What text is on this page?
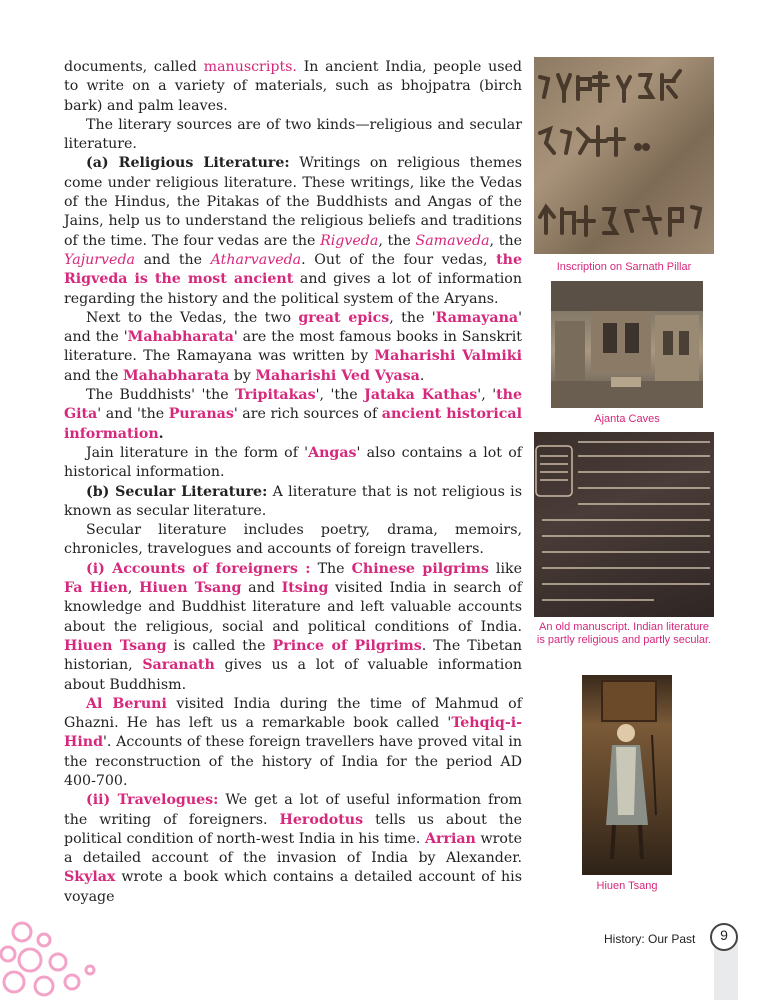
documents, called manuscripts. In ancient India, people used to write on a variety of materials, such as bhojpatra (birch bark) and palm leaves.

The literary sources are of two kinds—religious and secular literature.

(a) Religious Literature: Writings on religious themes come under religious literature. These writings, like the Vedas of the Hindus, the Pitakas of the Buddhists and Angas of the Jains, help us to understand the religious beliefs and traditions of the time. The four vedas are the Rigveda, the Samaveda, the Yajurveda and the Atharvaveda. Out of the four vedas, the Rigveda is the most ancient and gives a lot of information regarding the history and the political system of the Aryans.

Next to the Vedas, the two great epics, the 'Ramayana' and the 'Mahabharata' are the most famous books in Sanskrit literature. The Ramayana was written by Maharishi Valmiki and the Mahabharata by Maharishi Ved Vyasa.

The Buddhists' 'the Tripitakas', 'the Jataka Kathas', 'the Gita' and 'the Puranas' are rich sources of ancient historical information.

Jain literature in the form of 'Angas' also contains a lot of historical information.

(b) Secular Literature: A literature that is not religious is known as secular literature.

Secular literature includes poetry, drama, memoirs, chronicles, travelogues and accounts of foreign travellers.

(i) Accounts of foreigners : The Chinese pilgrims like Fa Hien, Hiuen Tsang and Itsing visited India in search of knowledge and Buddhist literature and left valuable accounts about the religious, social and political conditions of India. Hiuen Tsang is called the Prince of Pilgrims. The Tibetan historian, Saranath gives us a lot of valuable information about Buddhism.

Al Beruni visited India during the time of Mahmud of Ghazni. He has left us a remarkable book called 'Tehqiq-i-Hind'. Accounts of these foreign travellers have proved vital in the reconstruction of the history of India for the period AD 400-700.

(ii) Travelogues: We get a lot of useful information from the writing of foreigners. Herodotus tells us about the political condition of north-west India in his time. Arrian wrote a detailed account of the invasion of India by Alexander. Skylax wrote a book which contains a detailed account of his voyage

Inscription on Sarnath Pillar
Ajanta Caves
An old manuscript. Indian literature is partly religious and partly secular.
Hiuen Tsang
History: Our Past	9
